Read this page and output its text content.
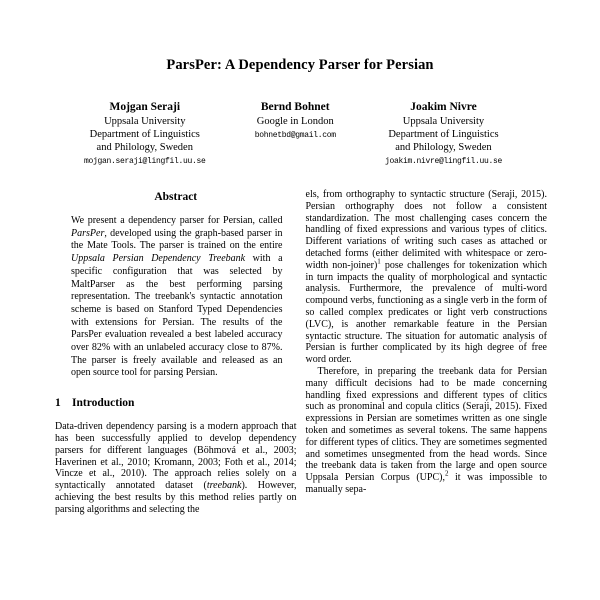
ParsPer: A Dependency Parser for Persian
Mojgan Seraji
Uppsala University
Department of Linguistics
and Philology, Sweden
mojgan.seraji@lingfil.uu.se
Bernd Bohnet
Google in London
bohnetbd@gmail.com
Joakim Nivre
Uppsala University
Department of Linguistics
and Philology, Sweden
joakim.nivre@lingfil.uu.se
Abstract

We present a dependency parser for Persian, called ParsPer, developed using the graph-based parser in the Mate Tools. The parser is trained on the entire Uppsala Persian Dependency Treebank with a specific configuration that was selected by MaltParser as the best performing parsing representation. The treebank's syntactic annotation scheme is based on Stanford Typed Dependencies with extensions for Persian. The results of the ParsPer evaluation revealed a best labeled accuracy over 82% with an unlabeled accuracy close to 87%. The parser is freely available and released as an open source tool for parsing Persian.

1 Introduction

Data-driven dependency parsing is a modern approach that has been successfully applied to develop dependency parsers for different languages (Böhmová et al., 2003; Haverinen et al., 2010; Kromann, 2003; Foth et al., 2014; Vincze et al., 2010). The approach relies solely on a syntactically annotated dataset (treebank). However, achieving the best results by this method relies partly on parsing algorithms and selecting the

els, from orthography to syntactic structure (Seraji, 2015). Persian orthography does not follow a consistent standardization. The most challenging cases concern the handling of fixed expressions and various types of clitics. Different variations of writing such cases as attached or detached forms (either delimited with whitespace or zero-width non-joiner)$^1$ pose challenges for tokenization which in turn impacts the quality of morphological and syntactic analysis. Furthermore, the prevalence of multi-word compound verbs, functioning as a single verb in the form of so called complex predicates or light verb constructions (LVC), is another remarkable feature in the Persian syntactic structure. The situation for automatic analysis of Persian is further complicated by its high degree of free word order.

Therefore, in preparing the treebank data for Persian many difficult decisions had to be made concerning handling fixed expressions and different types of clitics such as pronominal and copula clitics (Seraji, 2015). Fixed expressions in Persian are sometimes written as one single token and sometimes as several tokens. The same happens for different types of clitics. They are sometimes segmented and sometimes unsegmented from the head words. Since the treebank data is taken from the large and open source Uppsala Persian Corpus (UPC),$^2$ it was impossible to manually sepa-
